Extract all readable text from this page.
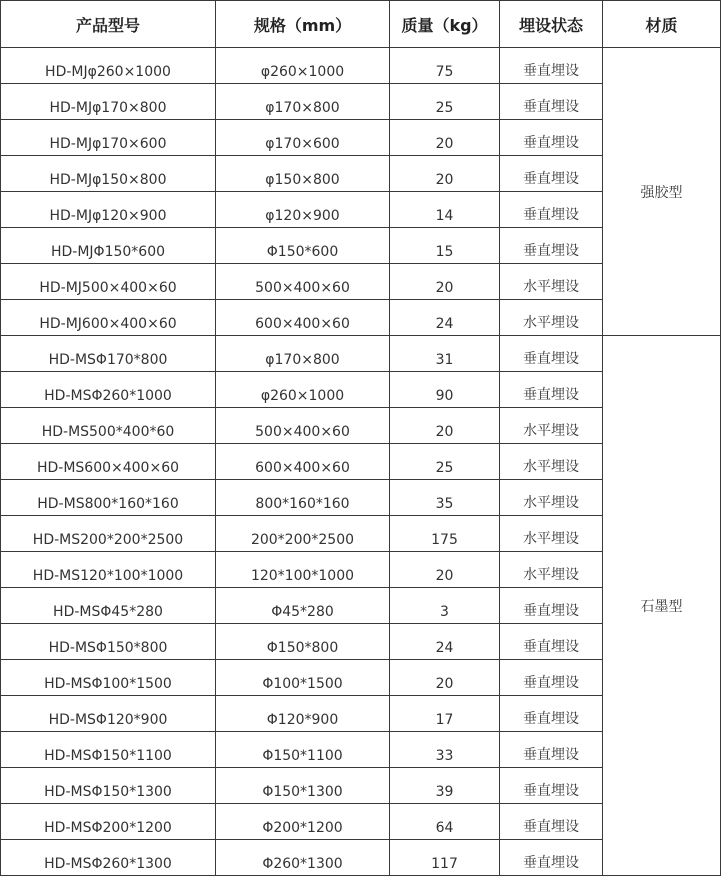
产品型号	规格（mm）	质量（kg）	埋设状态	材质
HD-MJφ260×1000	φ260×1000	75	垂直埋设	强胶型
HD-MJφ170×800	φ170×800	25	垂直埋设	
HD-MJφ170×600	φ170×600	20	垂直埋设	
HD-MJφ150×800	φ150×800	20	垂直埋设	
HD-MJφ120×900	φ120×900	14	垂直埋设	
HD-MJΦ150*600	Φ150*600	15	垂直埋设	
HD-MJ500×400×60	500×400×60	20	水平埋设	
HD-MJ600×400×60	600×400×60	24	水平埋设	
HD-MSΦ170*800	φ170×800	31	垂直埋设	石墨型
HD-MSΦ260*1000	φ260×1000	90	垂直埋设	
HD-MS500*400*60	500×400×60	20	水平埋设	
HD-MS600×400×60	600×400×60	25	水平埋设	
HD-MS800*160*160	800*160*160	35	水平埋设	
HD-MS200*200*2500	200*200*2500	175	水平埋设	
HD-MS120*100*1000	120*100*1000	20	水平埋设	
HD-MSΦ45*280	Φ45*280	3	垂直埋设	
HD-MSΦ150*800	Φ150*800	24	垂直埋设	
HD-MSΦ100*1500	Φ100*1500	20	垂直埋设	
HD-MSΦ120*900	Φ120*900	17	垂直埋设	
HD-MSΦ150*1100	Φ150*1100	33	垂直埋设	
HD-MSΦ150*1300	Φ150*1300	39	垂直埋设	
HD-MSΦ200*1200	Φ200*1200	64	垂直埋设	
HD-MSΦ260*1300	Φ260*1300	117	垂直埋设	
